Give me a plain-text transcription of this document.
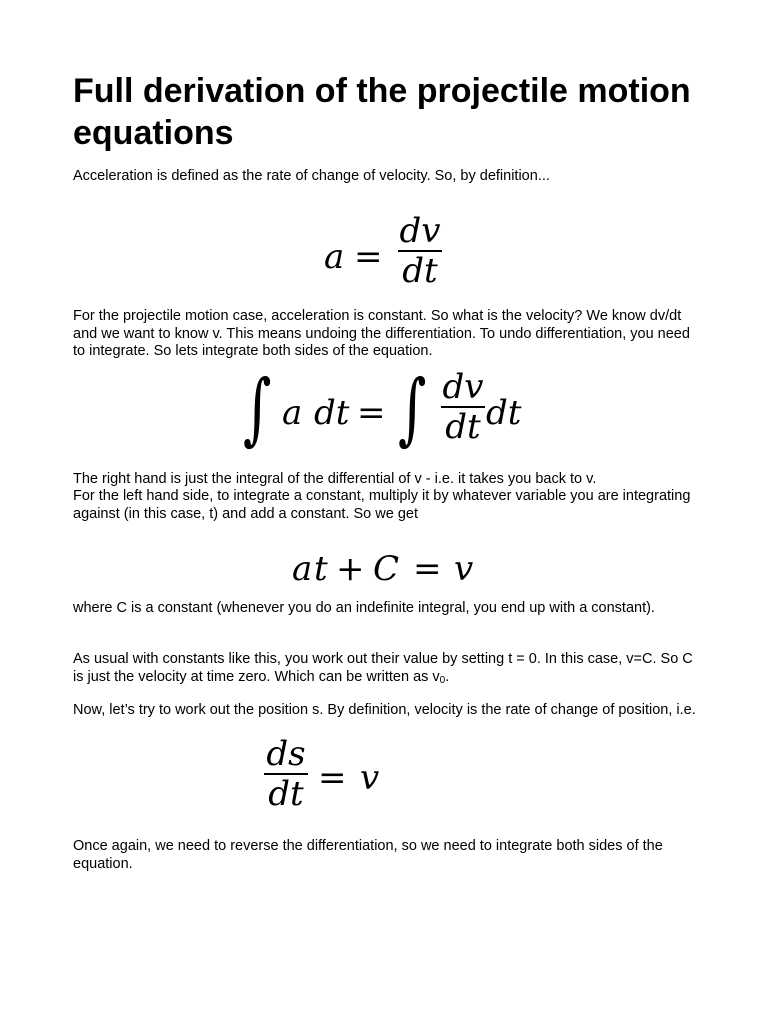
Full derivation of the projectile motion equations

Acceleration is defined as the rate of change of velocity. So, by definition...

a =
dv
dt

For the projectile motion case, acceleration is constant. So what is the velocity? We know dv/dt and we want to know v. This means undoing the differentiation. To undo differentiation, you need to integrate. So lets integrate both sides of the equation.

∫ a dt = ∫ dv
dt dt

The right hand is just the integral of the differential of v - i.e. it takes you back to v.

For the left hand side, to integrate a constant, multiply it by whatever variable you are integrating against (in this case, t) and add a constant. So we get

a t + C = v

where C is a constant (whenever you do an indefinite integral, you end up with a constant).

As usual with constants like this, you work out their value by setting t = 0. In this case, v=C. So C is just the velocity at time zero. Which can be written as $v_0$.

Now, let’s try to work out the position s. By definition, velocity is the rate of change of position, i.e.

ds
dt = v

Once again, we need to reverse the differentiation, so we need to integrate both sides of the equation.
